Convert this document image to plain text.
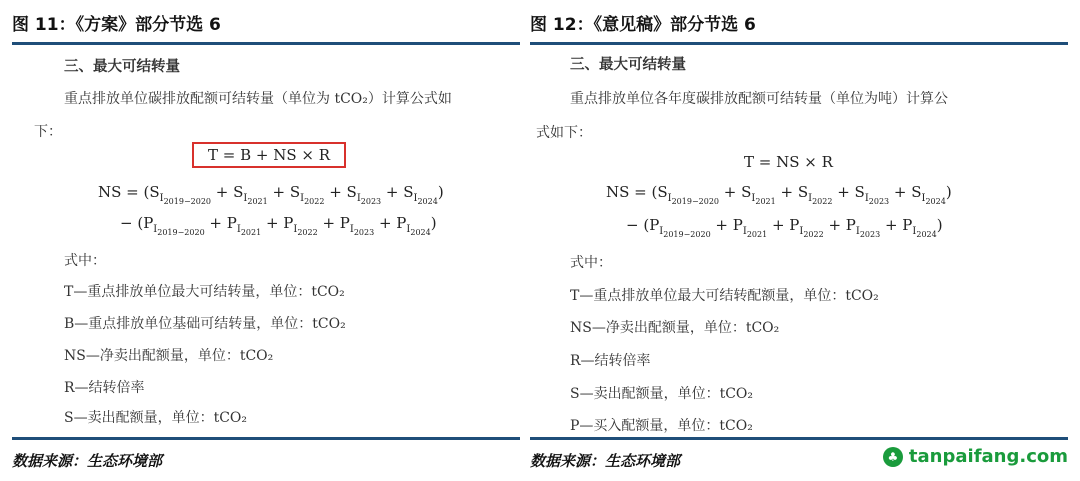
图 11：《方案》部分节选 6
三、最大可结转量
重点排放单位碳排放配额可结转量（单位为 tCO₂）计算公式如
下：
T = B + NS × R
NS = $(S_{I2019-2020} + S_{I2021} + S_{I2022} + S_{I2023} + S_{I2024})$
− $(P_{I2019-2020} + P_{I2021} + P_{I2022} + P_{I2023} + P_{I2024})$
式中：
T—重点排放单位最大可结转量，单位：tCO₂
B—重点排放单位基础可结转量，单位：tCO₂
NS—净卖出配额量，单位：tCO₂
R—结转倍率
S—卖出配额量，单位：tCO₂
数据来源：生态环境部
图 12：《意见稿》部分节选 6
三、最大可结转量
重点排放单位各年度碳排放配额可结转量（单位为吨）计算公
式如下：
T = NS × R
NS = $(S_{I2019-2020} + S_{I2021} + S_{I2022} + S_{I2023} + S_{I2024})$
− $(P_{I2019-2020} + P_{I2021} + P_{I2022} + P_{I2023} + P_{I2024})$
式中：
T—重点排放单位最大可结转配额量，单位：tCO₂
NS—净卖出配额量，单位：tCO₂
R—结转倍率
S—卖出配额量，单位：tCO₂
P—买入配额量，单位：tCO₂
数据来源：生态环境部	♣ tanpaifang.com
